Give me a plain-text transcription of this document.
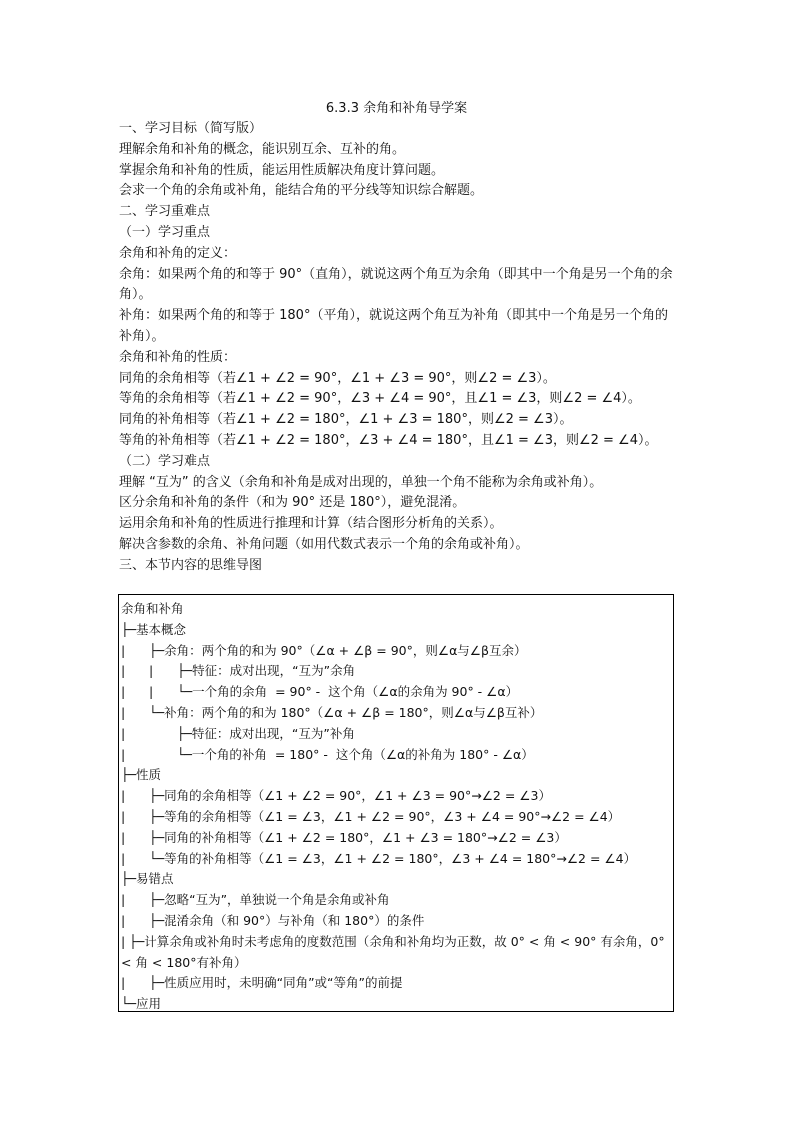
6.3.3 余角和补角导学案
一、学习目标（简写版）
理解余角和补角的概念，能识别互余、互补的角。
掌握余角和补角的性质，能运用性质解决角度计算问题。
会求一个角的余角或补角，能结合角的平分线等知识综合解题。
二、学习重难点
（一）学习重点
余角和补角的定义：
余角：如果两个角的和等于 90°（直角），就说这两个角互为余角（即其中一个角是另一个角的余角）。
补角：如果两个角的和等于 180°（平角），就说这两个角互为补角（即其中一个角是另一个角的补角）。
余角和补角的性质：
同角的余角相等（若∠1 + ∠2 = 90°，∠1 + ∠3 = 90°，则∠2 = ∠3）。
等角的余角相等（若∠1 + ∠2 = 90°，∠3 + ∠4 = 90°，且∠1 = ∠3，则∠2 = ∠4）。
同角的补角相等（若∠1 + ∠2 = 180°，∠1 + ∠3 = 180°，则∠2 = ∠3）。
等角的补角相等（若∠1 + ∠2 = 180°，∠3 + ∠4 = 180°，且∠1 = ∠3，则∠2 = ∠4）。
（二）学习难点
理解 “互为” 的含义（余角和补角是成对出现的，单独一个角不能称为余角或补角）。
区分余角和补角的条件（和为 90° 还是 180°），避免混淆。
运用余角和补角的性质进行推理和计算（结合图形分析角的关系）。
解决含参数的余角、补角问题（如用代数式表示一个角的余角或补角）。
三、本节内容的思维导图
余角和补角
├─基本概念
|      ├─余角：两个角的和为 90°（∠α + ∠β = 90°，则∠α与∠β互余）
|      |      ├─特征：成对出现，“互为”余角
|      |      └─一个角的余角  = 90° -  这个角（∠α的余角为 90° - ∠α）
|      └─补角：两个角的和为 180°（∠α + ∠β = 180°，则∠α与∠β互补）
|             ├─特征：成对出现，“互为”补角
|             └─一个角的补角  = 180° -  这个角（∠α的补角为 180° - ∠α）
├─性质
|      ├─同角的余角相等（∠1 + ∠2 = 90°，∠1 + ∠3 = 90°→∠2 = ∠3）
|      ├─等角的余角相等（∠1 = ∠3，∠1 + ∠2 = 90°，∠3 + ∠4 = 90°→∠2 = ∠4）
|      ├─同角的补角相等（∠1 + ∠2 = 180°，∠1 + ∠3 = 180°→∠2 = ∠3）
|      └─等角的补角相等（∠1 = ∠3，∠1 + ∠2 = 180°，∠3 + ∠4 = 180°→∠2 = ∠4）
├─易错点
|      ├─忽略“互为”，单独说一个角是余角或补角
|      ├─混淆余角（和 90°）与补角（和 180°）的条件
| ├─计算余角或补角时未考虑角的度数范围（余角和补角均为正数，故 0° < 角 < 90° 有余角，0° < 角 < 180°有补角）
|      ├─性质应用时，未明确“同角”或“等角”的前提
└─应用
